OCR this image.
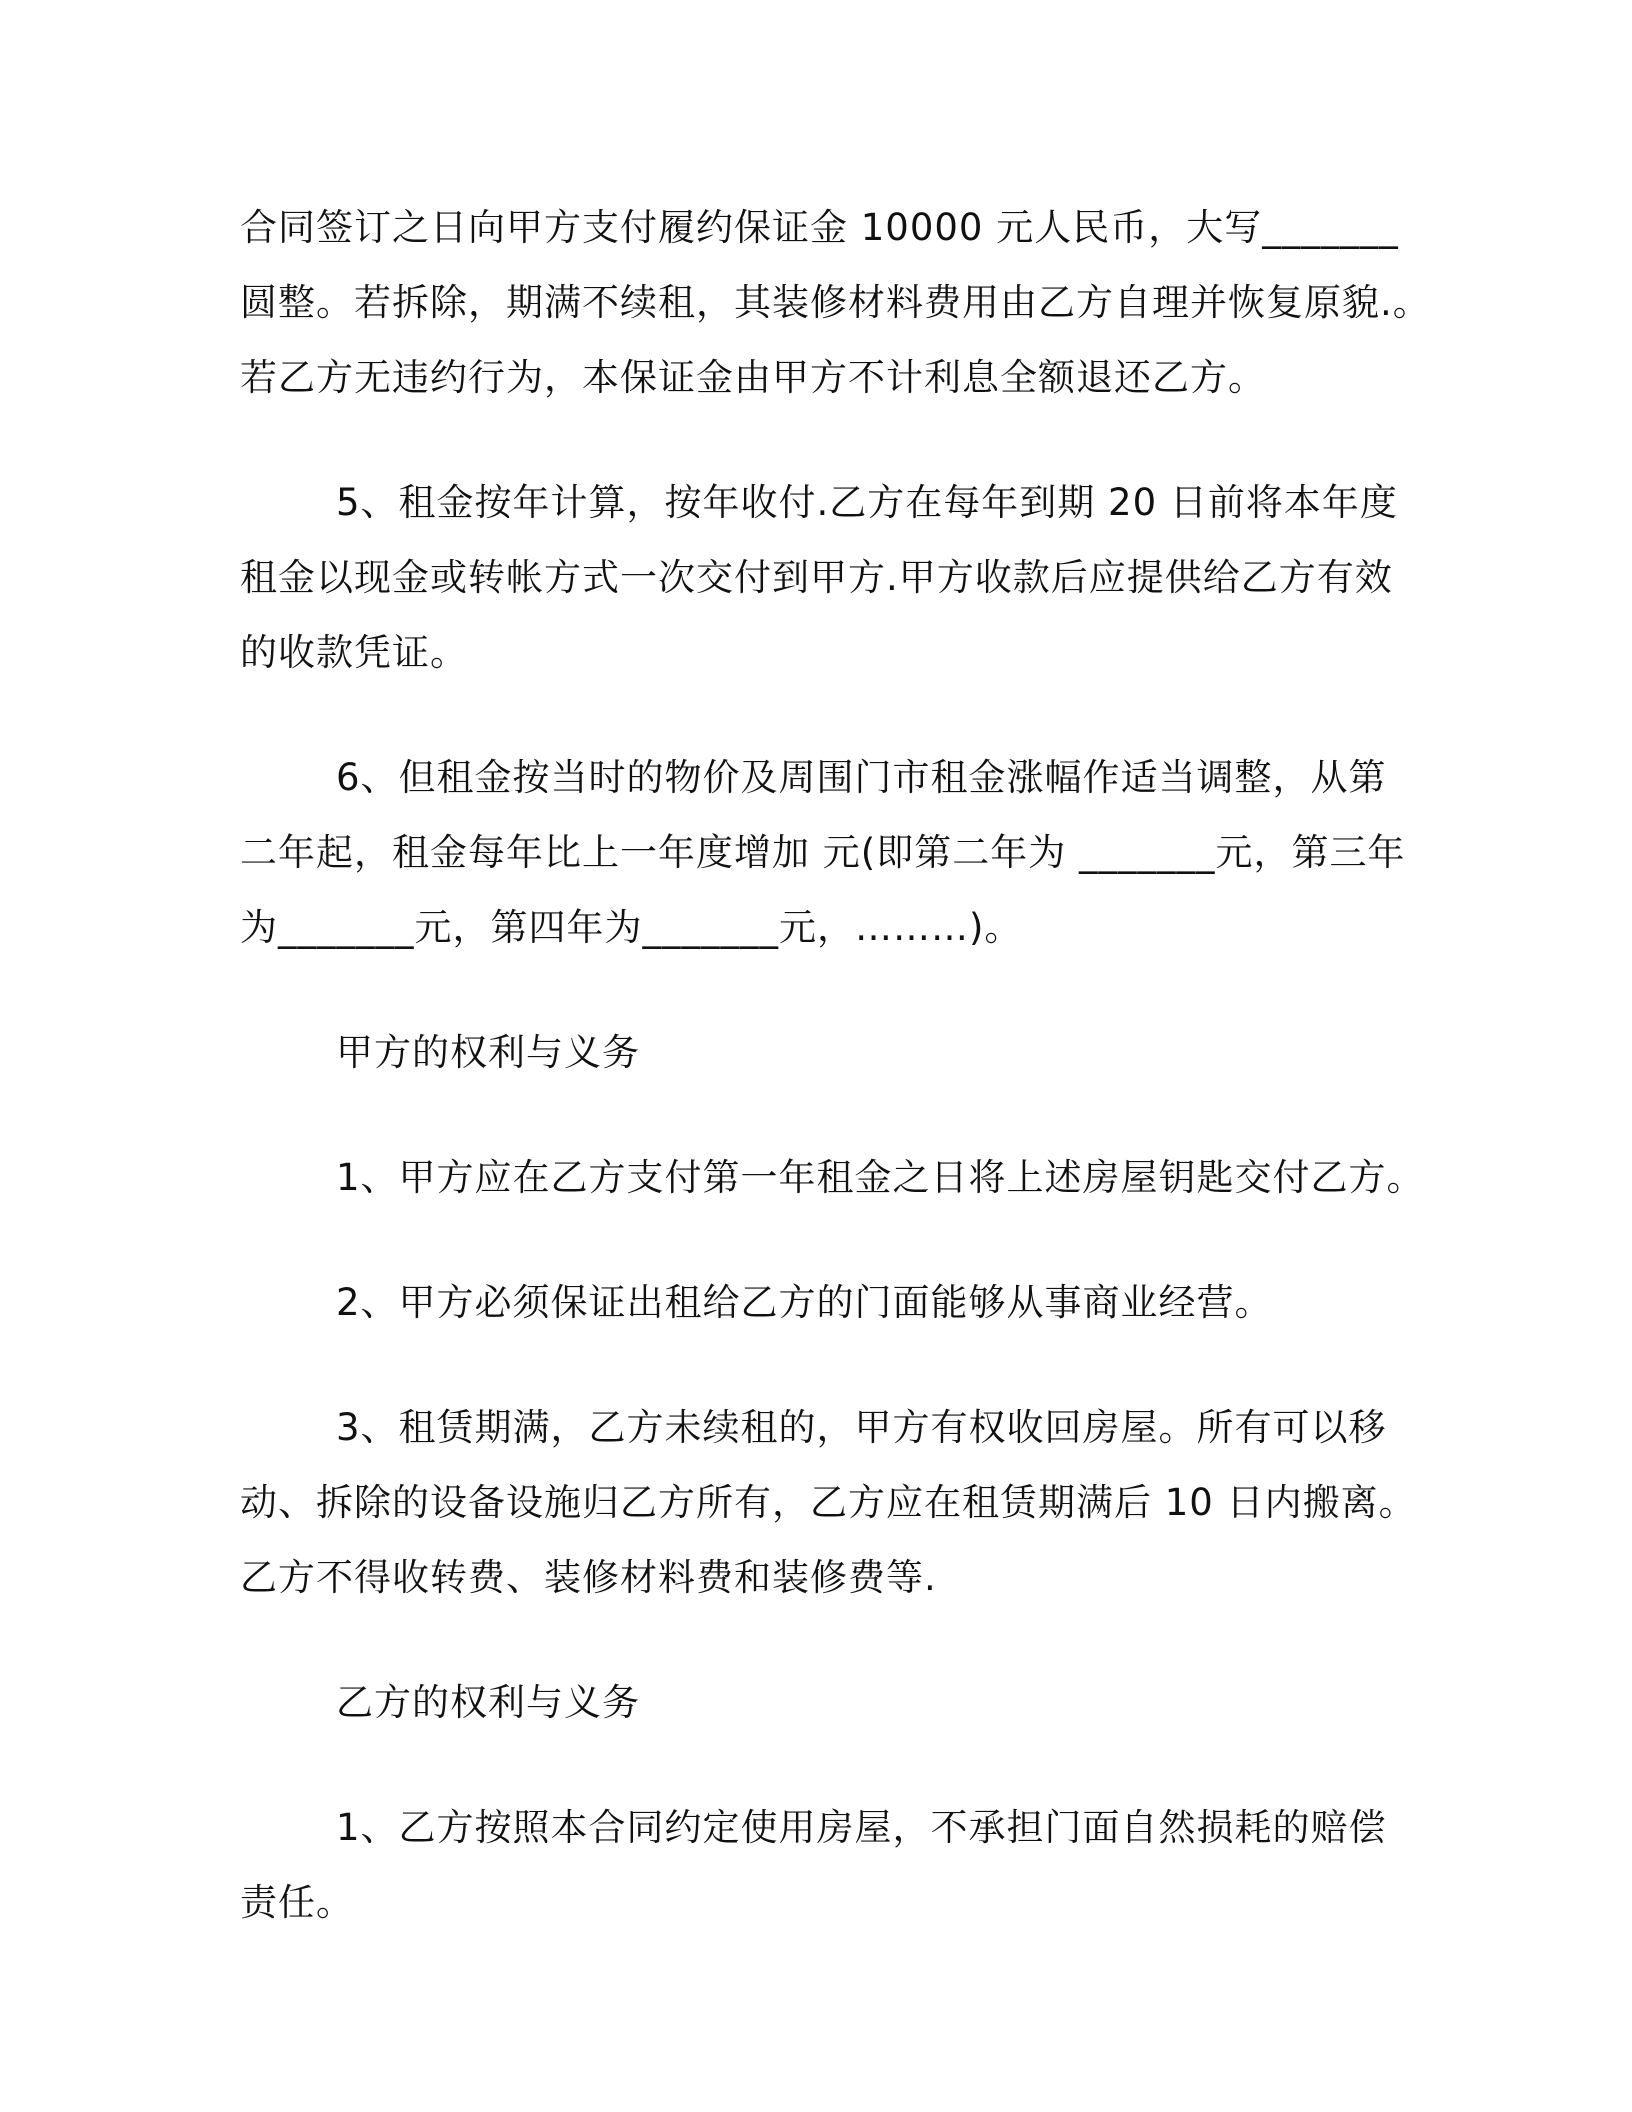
合同签订之日向甲方支付履约保证金 10000 元人民币，大写_______
圆整。若拆除，期满不续租，其装修材料费用由乙方自理并恢复原貌.。
若乙方无违约行为，本保证金由甲方不计利息全额退还乙方。

5、租金按年计算，按年收付.乙方在每年到期 20 日前将本年度
租金以现金或转帐方式一次交付到甲方.甲方收款后应提供给乙方有效
的收款凭证。

6、但租金按当时的物价及周围门市租金涨幅作适当调整，从第
二年起，租金每年比上一年度增加 元(即第二年为 _______元，第三年
为_______元，第四年为_______元，………)。

甲方的权利与义务

1、甲方应在乙方支付第一年租金之日将上述房屋钥匙交付乙方。

2、甲方必须保证出租给乙方的门面能够从事商业经营。

3、租赁期满，乙方未续租的，甲方有权收回房屋。所有可以移
动、拆除的设备设施归乙方所有，乙方应在租赁期满后 10 日内搬离。
乙方不得收转费、装修材料费和装修费等.

乙方的权利与义务

1、乙方按照本合同约定使用房屋，不承担门面自然损耗的赔偿
责任。
